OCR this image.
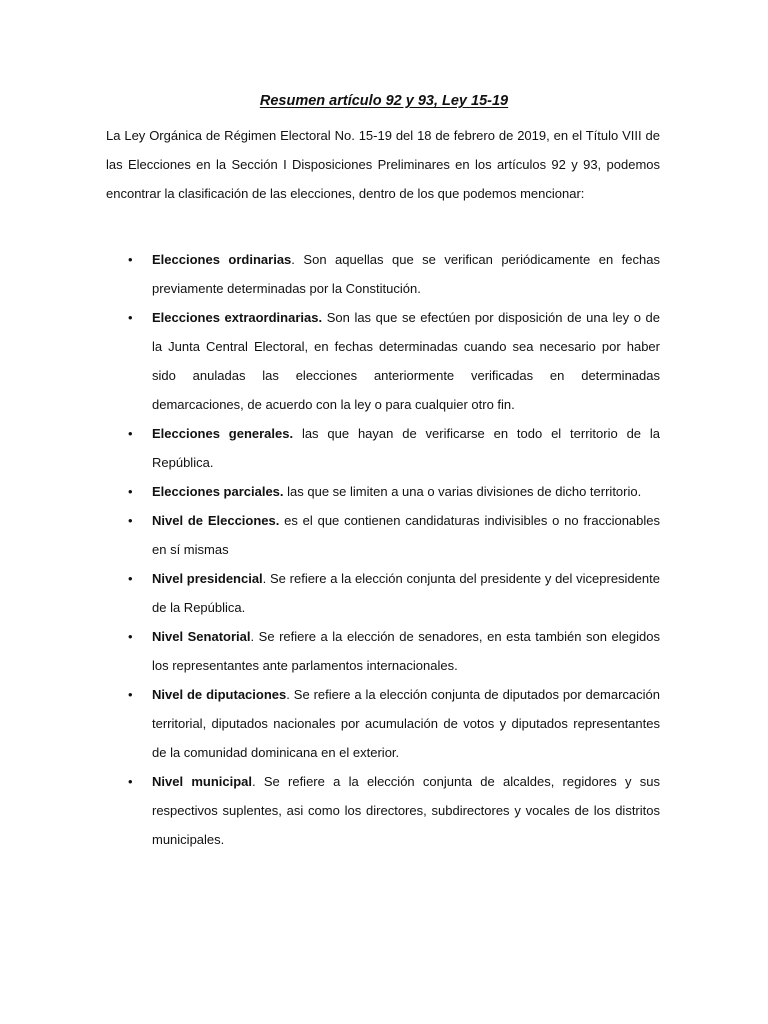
Resumen artículo 92 y 93, Ley 15-19

La Ley Orgánica de Régimen Electoral No. 15-19 del 18 de febrero de 2019, en el Título VIII de las Elecciones en la Sección I Disposiciones Preliminares en los artículos 92 y 93, podemos encontrar la clasificación de las elecciones, dentro de los que podemos mencionar:

• Elecciones ordinarias. Son aquellas que se verifican periódicamente en fechas previamente determinadas por la Constitución.
• Elecciones extraordinarias. Son las que se efectúen por disposición de una ley o de la Junta Central Electoral, en fechas determinadas cuando sea necesario por haber sido anuladas las elecciones anteriormente verificadas en determinadas demarcaciones, de acuerdo con la ley o para cualquier otro fin.
• Elecciones generales. las que hayan de verificarse en todo el territorio de la República.
• Elecciones parciales. las que se limiten a una o varias divisiones de dicho territorio.
• Nivel de Elecciones. es el que contienen candidaturas indivisibles o no fraccionables en sí mismas
• Nivel presidencial. Se refiere a la elección conjunta del presidente y del vicepresidente de la República.
• Nivel Senatorial. Se refiere a la elección de senadores, en esta también son elegidos los representantes ante parlamentos internacionales.
• Nivel de diputaciones. Se refiere a la elección conjunta de diputados por demarcación territorial, diputados nacionales por acumulación de votos y diputados representantes de la comunidad dominicana en el exterior.
• Nivel municipal. Se refiere a la elección conjunta de alcaldes, regidores y sus respectivos suplentes, asi como los directores, subdirectores y vocales de los distritos municipales.
